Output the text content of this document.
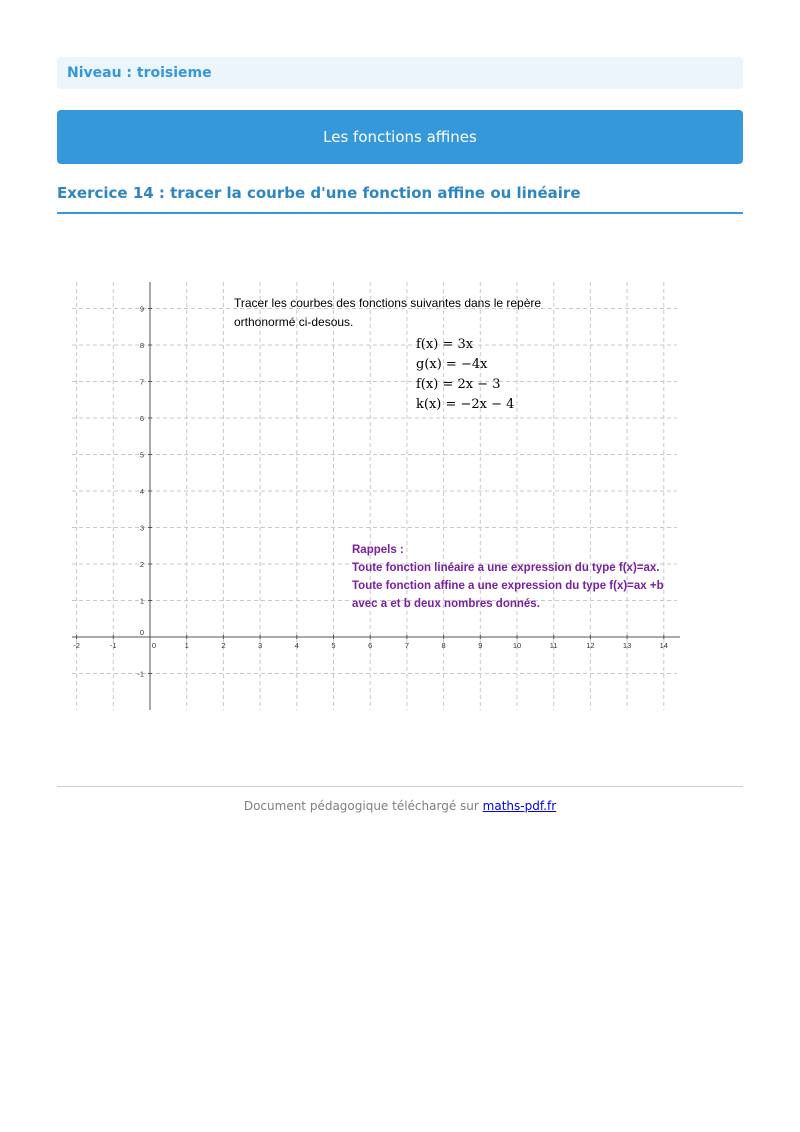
Niveau : troisieme
Les fonctions affines
Exercice 14 : tracer la courbe d'une fonction affine ou linéaire
-2	-1	0	1	2	3	4	5	6	7	8	9	10	11	12	13	14
-1
0
1
2
3
4
5
6
7
8
9	Tracer les courbes des fonctions suivantes dans le repère
orthonormé ci-desous.
f(x) = 3x
g(x) = −4x
f(x) = 2x − 3
k(x) = −2x − 4
Rappels :
Toute fonction linéaire a une expression du type f(x)=ax.
Toute fonction affine a une expression du type f(x)=ax +b
avec a et b deux nombres donnés.
Document pédagogique téléchargé sur maths-pdf.fr
